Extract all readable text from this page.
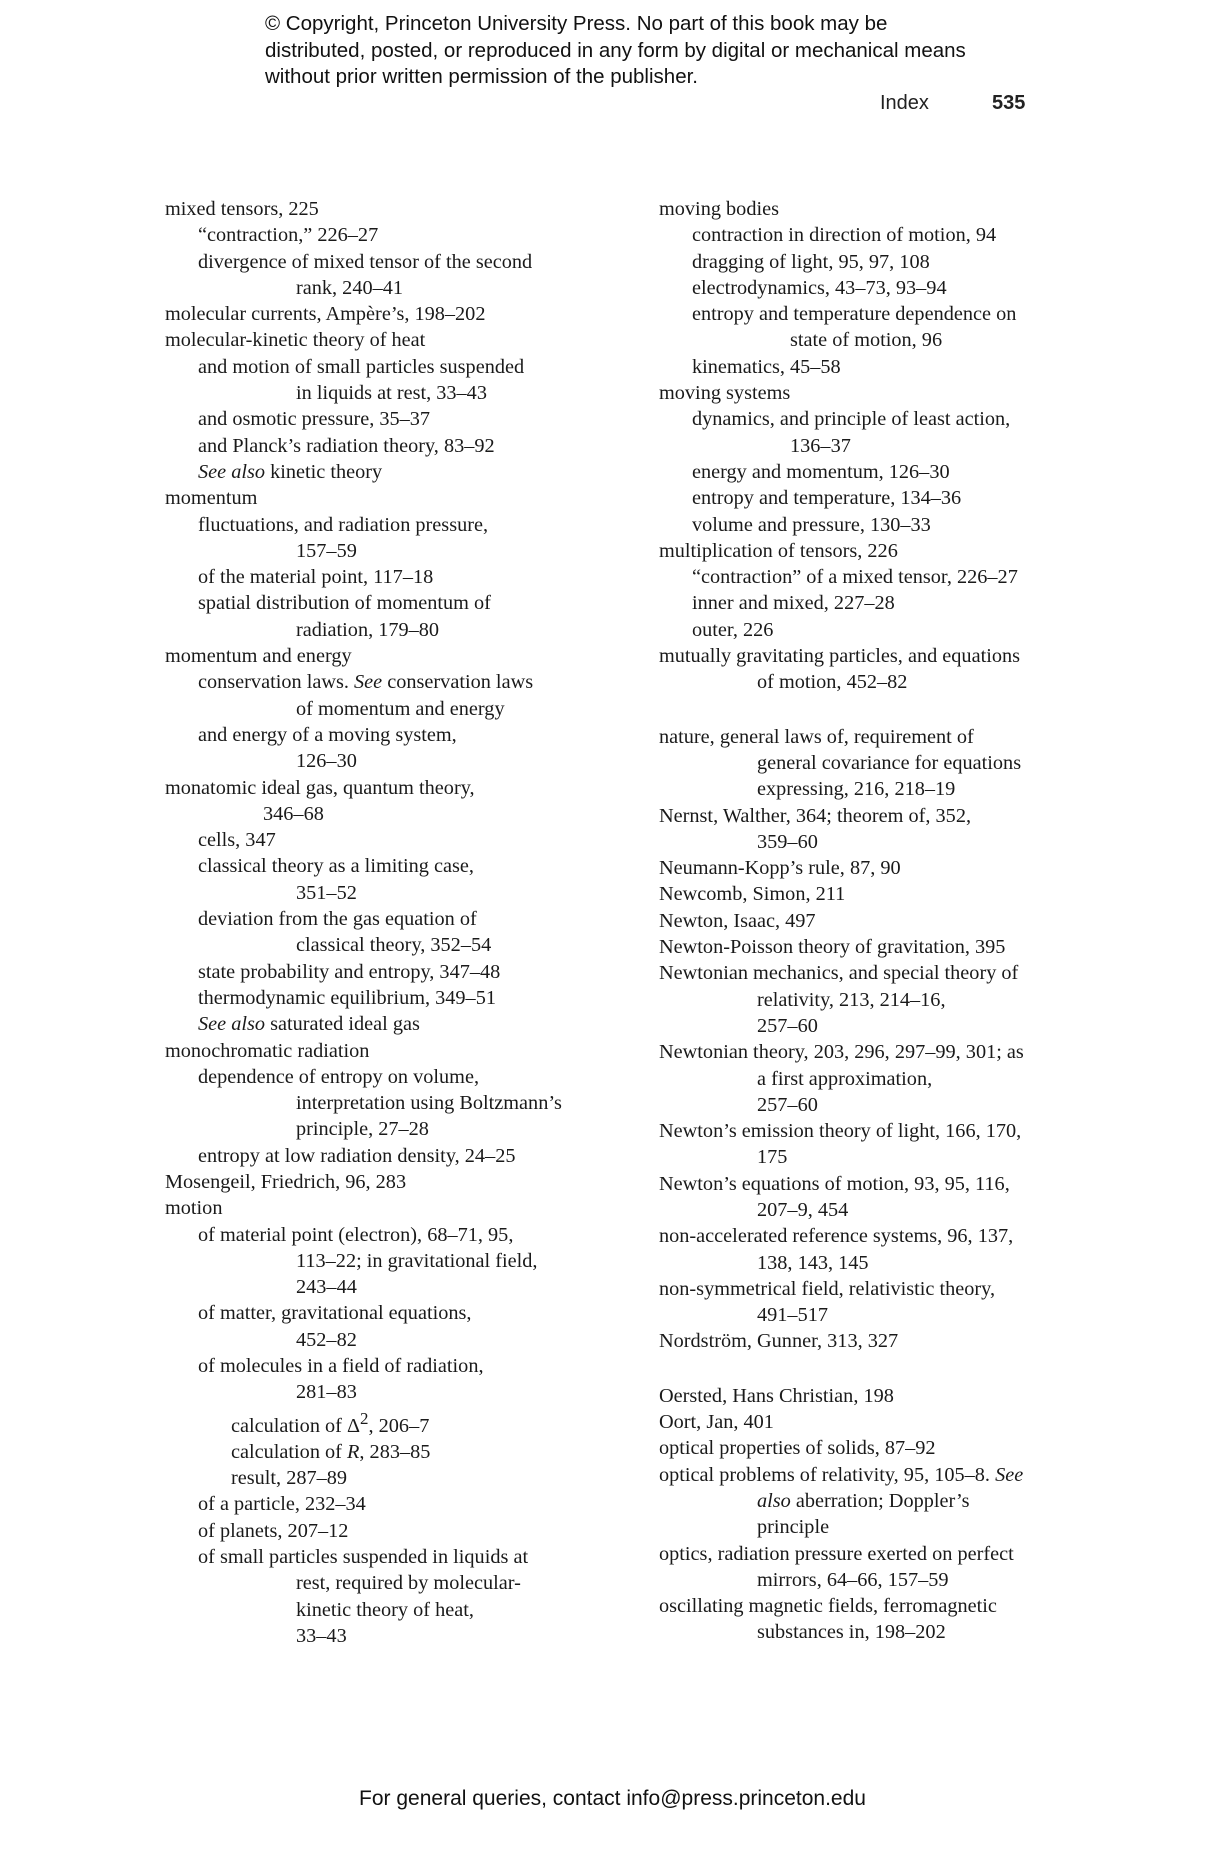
© Copyright, Princeton University Press. No part of this book may be distributed, posted, or reproduced in any form by digital or mechanical means without prior written permission of the publisher.
Index	535
mixed tensors, 225
“contraction,” 226–27
divergence of mixed tensor of the second
rank, 240–41
molecular currents, Ampère’s, 198–202
molecular-kinetic theory of heat
and motion of small particles suspended
in liquids at rest, 33–43
and osmotic pressure, 35–37
and Planck’s radiation theory, 83–92
See also kinetic theory
momentum
fluctuations, and radiation pressure,
157–59
of the material point, 117–18
spatial distribution of momentum of
radiation, 179–80
momentum and energy
conservation laws. See conservation laws
of momentum and energy
and energy of a moving system,
126–30
monatomic ideal gas, quantum theory,
346–68
cells, 347
classical theory as a limiting case,
351–52
deviation from the gas equation of
classical theory, 352–54
state probability and entropy, 347–48
thermodynamic equilibrium, 349–51
See also saturated ideal gas
monochromatic radiation
dependence of entropy on volume,
interpretation using Boltzmann’s
principle, 27–28
entropy at low radiation density, 24–25
Mosengeil, Friedrich, 96, 283
motion
of material point (electron), 68–71, 95,
113–22; in gravitational field,
243–44
of matter, gravitational equations,
452–82
of molecules in a field of radiation,
281–83
calculation of $\Delta^2$, 206–7
calculation of R, 283–85
result, 287–89
of a particle, 232–34
of planets, 207–12
of small particles suspended in liquids at
rest, required by molecular-
kinetic theory of heat,
33–43
moving bodies
contraction in direction of motion, 94
dragging of light, 95, 97, 108
electrodynamics, 43–73, 93–94
entropy and temperature dependence on
state of motion, 96
kinematics, 45–58
moving systems
dynamics, and principle of least action,
136–37
energy and momentum, 126–30
entropy and temperature, 134–36
volume and pressure, 130–33
multiplication of tensors, 226
“contraction” of a mixed tensor, 226–27
inner and mixed, 227–28
outer, 226
mutually gravitating particles, and equations
of motion, 452–82
nature, general laws of, requirement of
general covariance for equations
expressing, 216, 218–19
Nernst, Walther, 364; theorem of, 352,
359–60
Neumann-Kopp’s rule, 87, 90
Newcomb, Simon, 211
Newton, Isaac, 497
Newton-Poisson theory of gravitation, 395
Newtonian mechanics, and special theory of
relativity, 213, 214–16,
257–60
Newtonian theory, 203, 296, 297–99, 301; as
a first approximation,
257–60
Newton’s emission theory of light, 166, 170,
175
Newton’s equations of motion, 93, 95, 116,
207–9, 454
non-accelerated reference systems, 96, 137,
138, 143, 145
non-symmetrical field, relativistic theory,
491–517
Nordström, Gunner, 313, 327
Oersted, Hans Christian, 198
Oort, Jan, 401
optical properties of solids, 87–92
optical problems of relativity, 95, 105–8. See
also aberration; Doppler’s
principle
optics, radiation pressure exerted on perfect
mirrors, 64–66, 157–59
oscillating magnetic fields, ferromagnetic
substances in, 198–202
For general queries, contact info@press.princeton.edu
